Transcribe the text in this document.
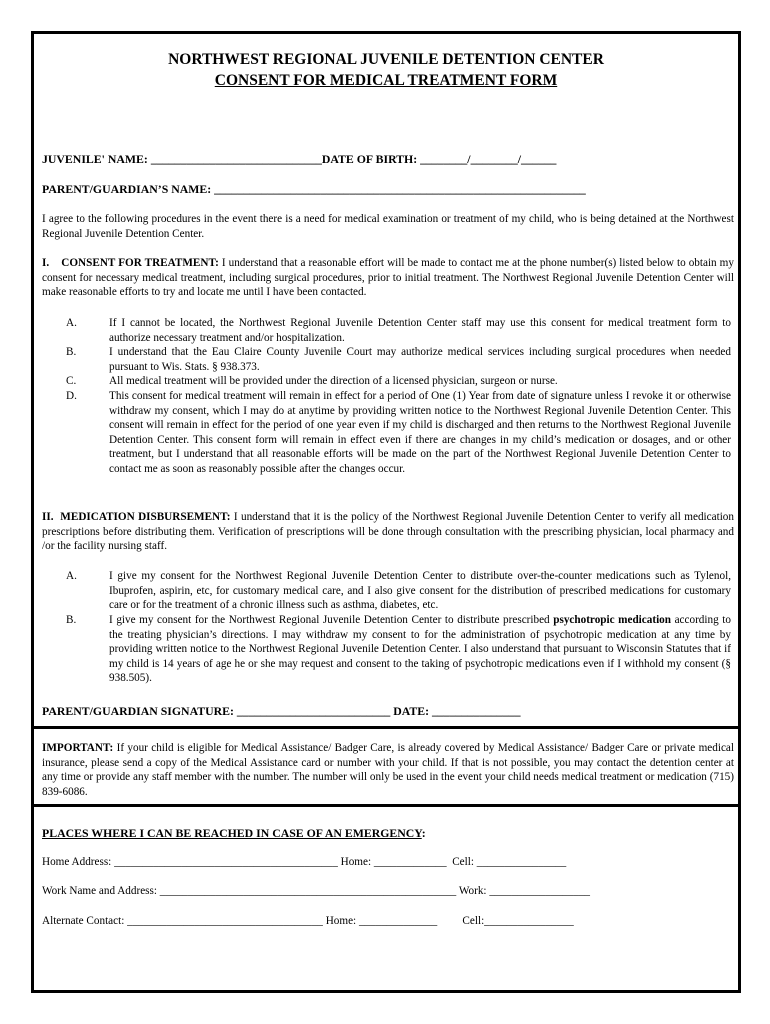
NORTHWEST REGIONAL JUVENILE DETENTION CENTER
CONSENT FOR MEDICAL TREATMENT FORM
JUVENILE' NAME: _____________________________DATE OF BIRTH: ________/________/______
PARENT/GUARDIAN’S NAME: _______________________________________________________________
I agree to the following procedures in the event there is a need for medical examination or treatment of my child, who is being detained at the Northwest Regional Juvenile Detention Center.
I.    CONSENT FOR TREATMENT: I understand that a reasonable effort will be made to contact me at the phone number(s) listed below to obtain my consent for necessary medical treatment, including surgical procedures, prior to initial treatment. The Northwest Regional Juvenile Detention Center will make reasonable efforts to try and locate me until I have been contacted.
A.	If I cannot be located, the Northwest Regional Juvenile Detention Center staff may use this consent for medical treatment form to authorize necessary treatment and/or hospitalization.
B.	I understand that the Eau Claire County Juvenile Court may authorize medical services including surgical procedures when needed pursuant to Wis. Stats. § 938.373.
C.	All medical treatment will be provided under the direction of a licensed physician, surgeon or nurse.
D.	This consent for medical treatment will remain in effect for a period of One (1) Year from date of signature unless I revoke it or otherwise withdraw my consent, which I may do at anytime by providing written notice to the Northwest Regional Juvenile Detention Center. This consent will remain in effect for the period of one year even if my child is discharged and then returns to the Northwest Regional Juvenile Detention Center. This consent form will remain in effect even if there are changes in my child’s medication or dosages, and or other treatment, but I understand that all reasonable efforts will be made on the part of the Northwest Regional Juvenile Detention Center to contact me as soon as reasonably possible after the changes occur.
II.  MEDICATION DISBURSEMENT: I understand that it is the policy of the Northwest Regional Juvenile Detention Center to verify all medication prescriptions before distributing them. Verification of prescriptions will be done through consultation with the prescribing physician, local pharmacy and /or the facility nursing staff.
A.	I give my consent for the Northwest Regional Juvenile Detention Center to distribute over-the-counter medications such as Tylenol, Ibuprofen, aspirin, etc, for customary medical care, and I also give consent for the distribution of prescribed medications for customary care or for the treatment of a chronic illness such as asthma, diabetes, etc.
B.	I give my consent for the Northwest Regional Juvenile Detention Center to distribute prescribed psychotropic medication according to the treating physician’s directions. I may withdraw my consent to for the administration of psychotropic medication at any time by providing written notice to the Northwest Regional Juvenile Detention Center. I also understand that pursuant to Wisconsin Statutes that if my child is 14 years of age he or she may request and consent to the taking of psychotropic medications even if I withhold my consent (§ 938.505).
PARENT/GUARDIAN SIGNATURE: __________________________ DATE: _______________
IMPORTANT: If your child is eligible for Medical Assistance/ Badger Care, is already covered by Medical Assistance/ Badger Care or private medical insurance, please send a copy of the Medical Assistance card or number with your child. If that is not possible, you may contact the detention center at any time or provide any staff member with the number. The number will only be used in the event your child needs medical treatment or medication (715) 839-6086.
PLACES WHERE I CAN BE REACHED IN CASE OF AN EMERGENCY:
Home Address: ________________________________________ Home: _____________  Cell: ________________
Work Name and Address: _____________________________________________________ Work: __________________
Alternate Contact: ___________________________________ Home: ______________         Cell:________________
